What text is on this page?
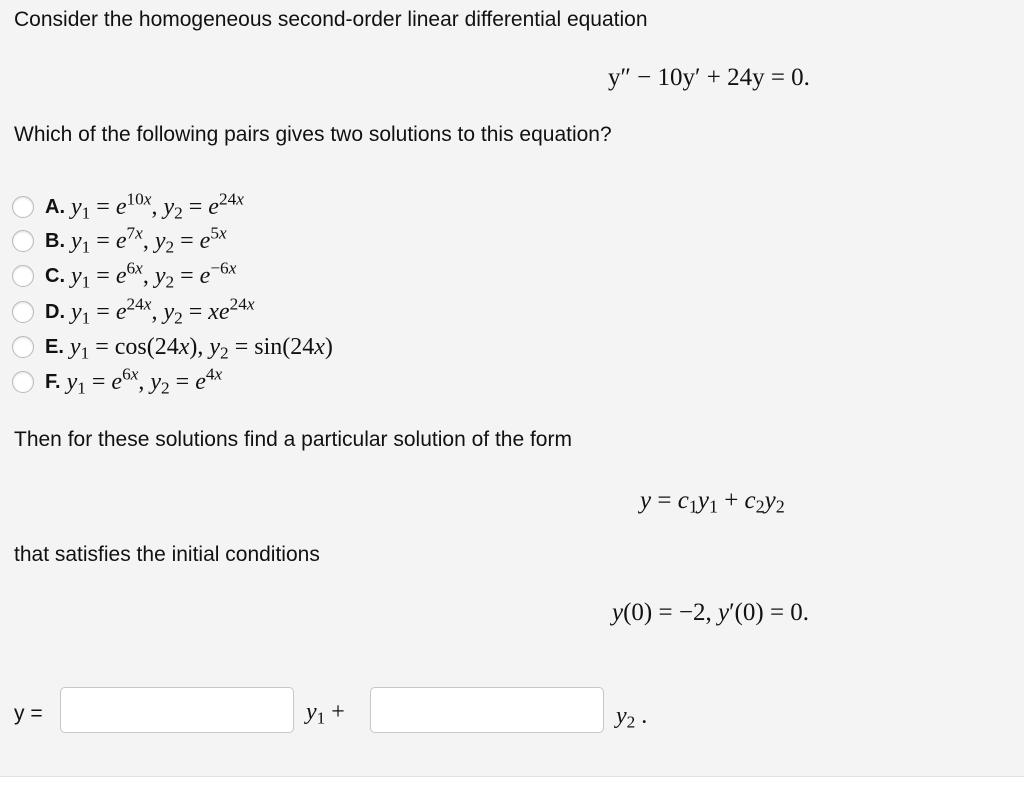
Consider the homogeneous second-order linear differential equation
y″ − 10y′ + 24y = 0.
Which of the following pairs gives two solutions to this equation?
A. $y_1 = e^{10x}$, $y_2 = e^{24x}$
B. $y_1 = e^{7x}$, $y_2 = e^{5x}$
C. $y_1 = e^{6x}$, $y_2 = e^{-6x}$
D. $y_1 = e^{24x}$, $y_2 = xe^{24x}$
E. $y_1 = \cos(24x)$, $y_2 = \sin(24x)$
F. $y_1 = e^{6x}$, $y_2 = e^{4x}$
Then for these solutions find a particular solution of the form
$y = c_1y_1 + c_2y_2$
that satisfies the initial conditions
y(0) = −2, y′(0) = 0.
y =	$y_1$ +	$y_2$ .
